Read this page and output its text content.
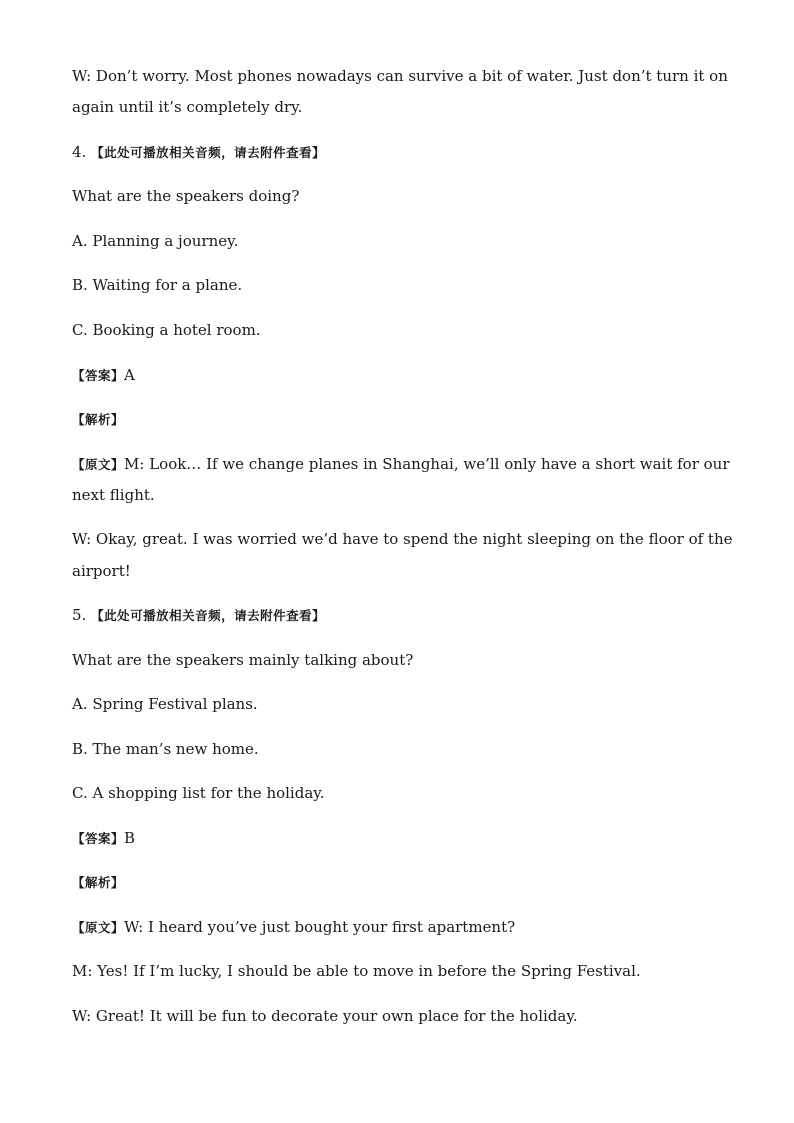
W: Don’t worry. Most phones nowadays can survive a bit of water. Just don’t turn it on
again until it’s completely dry.
4. 【此处可播放相关音频，请去附件查看】
What are the speakers doing?
A. Planning a journey.
B. Waiting for a plane.
C. Booking a hotel room.
【答案】A
【解析】
【原文】M: Look… If we change planes in Shanghai, we’ll only have a short wait for our
next flight.
W: Okay, great. I was worried we’d have to spend the night sleeping on the floor of the
airport!
5. 【此处可播放相关音频，请去附件查看】
What are the speakers mainly talking about?
A. Spring Festival plans.
B. The man’s new home.
C. A shopping list for the holiday.
【答案】B
【解析】
【原文】W: I heard you’ve just bought your first apartment?
M: Yes! If I’m lucky, I should be able to move in before the Spring Festival.
W: Great! It will be fun to decorate your own place for the holiday.
